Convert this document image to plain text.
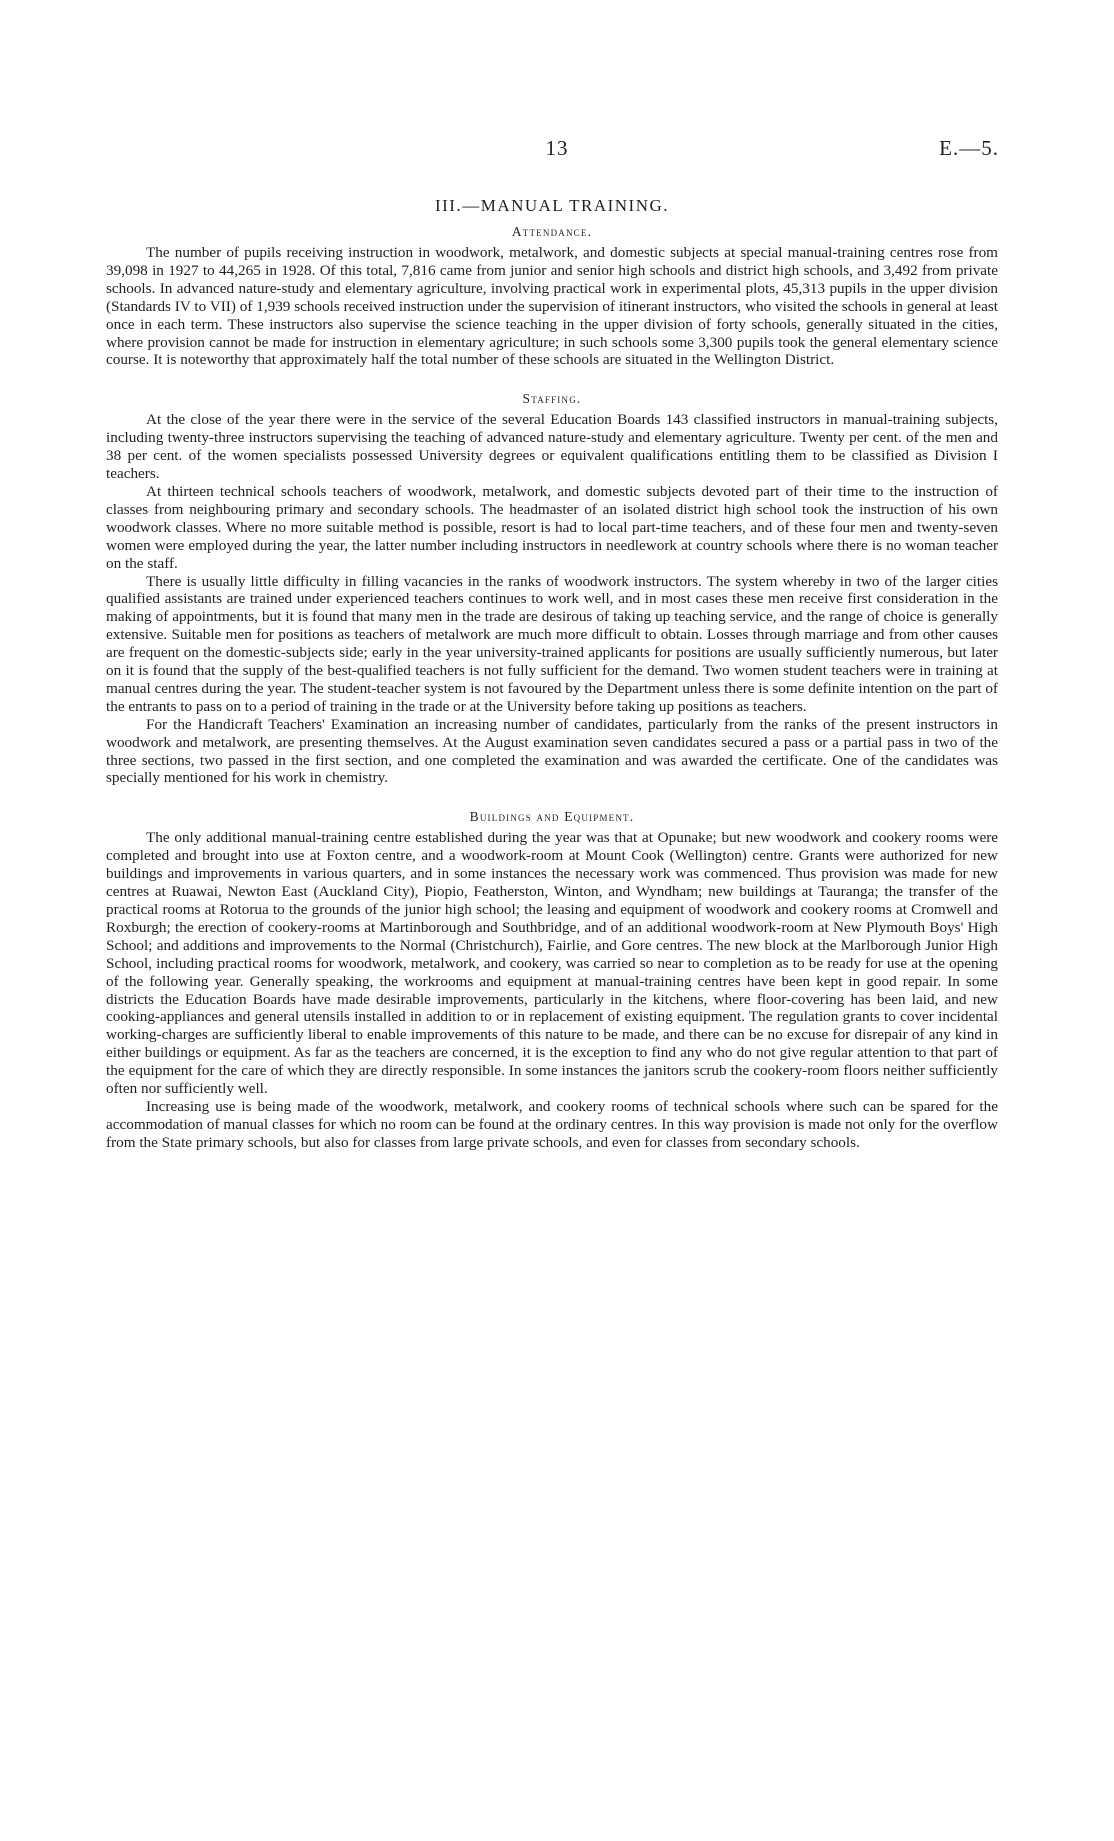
13	E.—5.
III.—MANUAL TRAINING.
Attendance.

The number of pupils receiving instruction in woodwork, metalwork, and domestic subjects at special manual-training centres rose from 39,098 in 1927 to 44,265 in 1928. Of this total, 7,816 came from junior and senior high schools and district high schools, and 3,492 from private schools. In advanced nature-study and elementary agriculture, involving practical work in experimental plots, 45,313 pupils in the upper division (Standards IV to VII) of 1,939 schools received instruction under the supervision of itinerant instructors, who visited the schools in general at least once in each term. These instructors also supervise the science teaching in the upper division of forty schools, generally situated in the cities, where provision cannot be made for instruction in elementary agriculture; in such schools some 3,300 pupils took the general elementary science course. It is noteworthy that approximately half the total number of these schools are situated in the Wellington District.

Staffing.

At the close of the year there were in the service of the several Education Boards 143 classified instructors in manual-training subjects, including twenty-three instructors supervising the teaching of advanced nature-study and elementary agriculture. Twenty per cent. of the men and 38 per cent. of the women specialists possessed University degrees or equivalent qualifications entitling them to be classified as Division I teachers.

At thirteen technical schools teachers of woodwork, metalwork, and domestic subjects devoted part of their time to the instruction of classes from neighbouring primary and secondary schools. The headmaster of an isolated district high school took the instruction of his own woodwork classes. Where no more suitable method is possible, resort is had to local part-time teachers, and of these four men and twenty-seven women were employed during the year, the latter number including instructors in needlework at country schools where there is no woman teacher on the staff.

There is usually little difficulty in filling vacancies in the ranks of woodwork instructors. The system whereby in two of the larger cities qualified assistants are trained under experienced teachers continues to work well, and in most cases these men receive first consideration in the making of appointments, but it is found that many men in the trade are desirous of taking up teaching service, and the range of choice is generally extensive. Suitable men for positions as teachers of metalwork are much more difficult to obtain. Losses through marriage and from other causes are frequent on the domestic-subjects side; early in the year university-trained applicants for positions are usually sufficiently numerous, but later on it is found that the supply of the best-qualified teachers is not fully sufficient for the demand. Two women student teachers were in training at manual centres during the year. The student-teacher system is not favoured by the Department unless there is some definite intention on the part of the entrants to pass on to a period of training in the trade or at the University before taking up positions as teachers.

For the Handicraft Teachers' Examination an increasing number of candidates, particularly from the ranks of the present instructors in woodwork and metalwork, are presenting themselves. At the August examination seven candidates secured a pass or a partial pass in two of the three sections, two passed in the first section, and one completed the examination and was awarded the certificate. One of the candidates was specially mentioned for his work in chemistry.

Buildings and Equipment.

The only additional manual-training centre established during the year was that at Opunake; but new woodwork and cookery rooms were completed and brought into use at Foxton centre, and a woodwork-room at Mount Cook (Wellington) centre. Grants were authorized for new buildings and improvements in various quarters, and in some instances the necessary work was commenced. Thus provision was made for new centres at Ruawai, Newton East (Auckland City), Piopio, Featherston, Winton, and Wyndham; new buildings at Tauranga; the transfer of the practical rooms at Rotorua to the grounds of the junior high school; the leasing and equipment of woodwork and cookery rooms at Cromwell and Roxburgh; the erection of cookery-rooms at Martinborough and Southbridge, and of an additional woodwork-room at New Plymouth Boys' High School; and additions and improvements to the Normal (Christchurch), Fairlie, and Gore centres. The new block at the Marlborough Junior High School, including practical rooms for woodwork, metalwork, and cookery, was carried so near to completion as to be ready for use at the opening of the following year. Generally speaking, the workrooms and equipment at manual-training centres have been kept in good repair. In some districts the Education Boards have made desirable improvements, particularly in the kitchens, where floor-covering has been laid, and new cooking-appliances and general utensils installed in addition to or in replacement of existing equipment. The regulation grants to cover incidental working-charges are sufficiently liberal to enable improvements of this nature to be made, and there can be no excuse for disrepair of any kind in either buildings or equipment. As far as the teachers are concerned, it is the exception to find any who do not give regular attention to that part of the equipment for the care of which they are directly responsible. In some instances the janitors scrub the cookery-room floors neither sufficiently often nor sufficiently well.

Increasing use is being made of the woodwork, metalwork, and cookery rooms of technical schools where such can be spared for the accommodation of manual classes for which no room can be found at the ordinary centres. In this way provision is made not only for the overflow from the State primary schools, but also for classes from large private schools, and even for classes from secondary schools.
